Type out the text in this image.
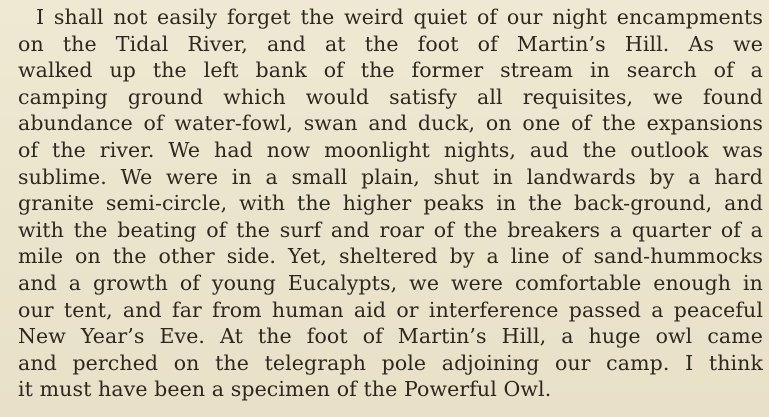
I shall not easily forget the weird quiet of our night encampments
on the Tidal River, and at the foot of Martin’s Hill. As we
walked up the left bank of the former stream in search of a
camping ground which would satisfy all requisites, we found
abundance of water-fowl, swan and duck, on one of the expansions
of the river. We had now moonlight nights, aud the outlook was
sublime. We were in a small plain, shut in landwards by a hard
granite semi-circle, with the higher peaks in the back-ground, and
with the beating of the surf and roar of the breakers a quarter of a
mile on the other side. Yet, sheltered by a line of sand-hummocks
and a growth of young Eucalypts, we were comfortable enough in
our tent, and far from human aid or interference passed a peaceful
New Year’s Eve. At the foot of Martin’s Hill, a huge owl came
and perched on the telegraph pole adjoining our camp. I think
it must have been a specimen of the Powerful Owl.
